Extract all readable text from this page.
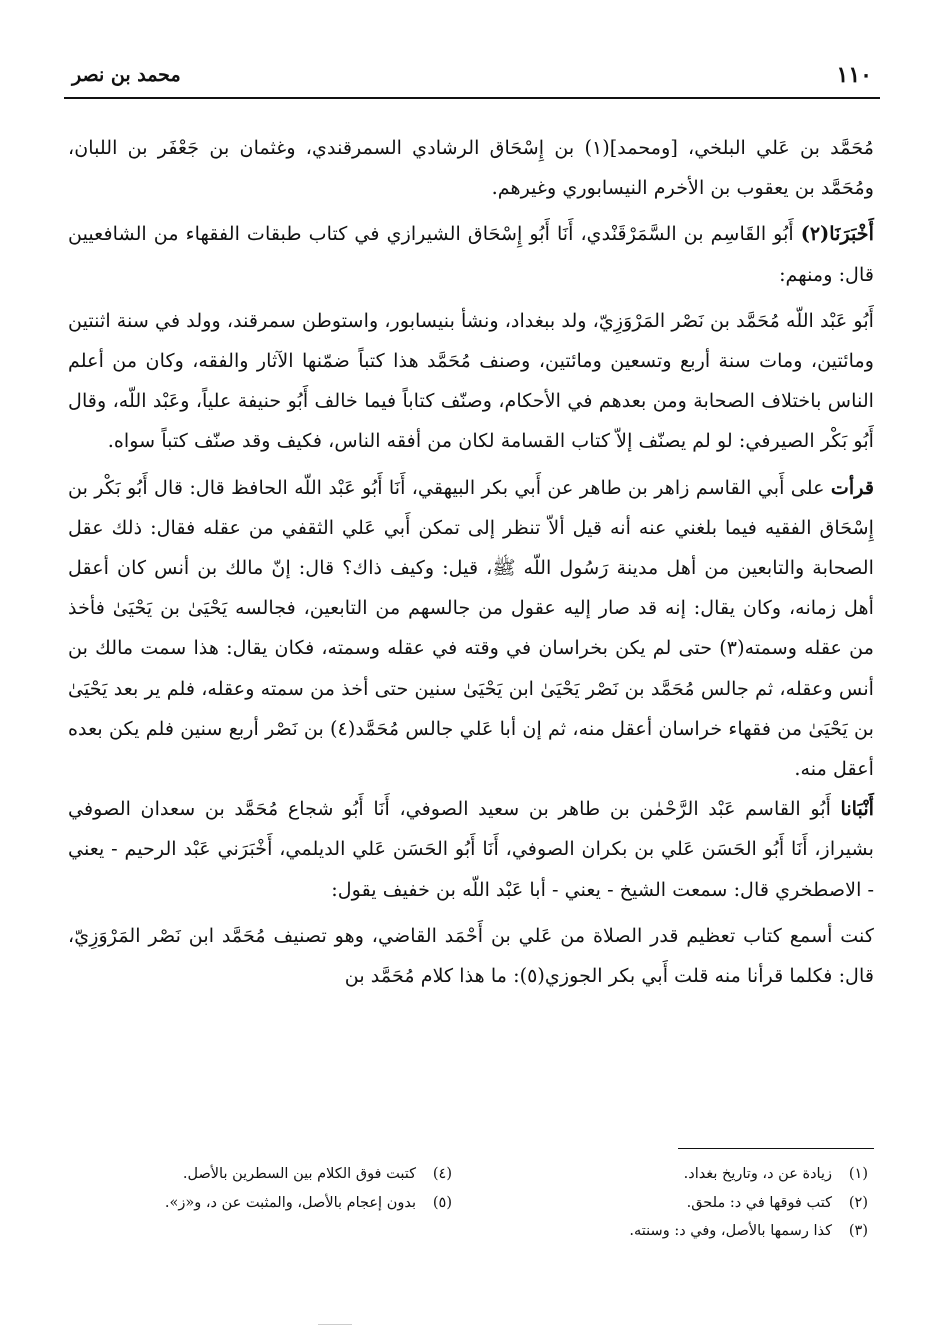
١١٠
محمد بن نصر

مُحَمَّد بن عَلي البلخي، [ومحمد](١) بن إِسْحَاق الرشادي السمرقندي، وغثمان بن جَعْفَر بن اللبان، ومُحَمَّد بن يعقوب بن الأخرم النيسابوري وغيرهم.

أَخْبَرَنَا(٢) أَبُو القَاسِم بن السَّمَرْقَنْدي، أَنَا أَبُو إِسْحَاق الشيرازي في كتاب طبقات الفقهاء من الشافعيين قال: ومنهم:

أَبُو عَبْد اللّه مُحَمَّد بن نَصْر المَرْوَزِيّ، ولد ببغداد، ونشأ بنيسابور، واستوطن سمرقند، وولد في سنة اثنتين ومائتين، ومات سنة أربع وتسعين ومائتين، وصنف مُحَمَّد هذا كتباً ضمّنها الآثار والفقه، وكان من أعلم الناس باختلاف الصحابة ومن بعدهم في الأحكام، وصنّف كتاباً فيما خالف أَبُو حنيفة علياً، وعَبْد اللّه، وقال أَبُو بَكْر الصيرفي: لو لم يصنّف إلاّ كتاب القسامة لكان من أفقه الناس، فكيف وقد صنّف كتباً سواه.

قرأت على أَبي القاسم زاهر بن طاهر عن أَبي بكر البيهقي، أَنَا أَبُو عَبْد اللّه الحافظ قال: قال أَبُو بَكْر بن إِسْحَاق الفقيه فيما بلغني عنه أنه قيل ألاّ تنظر إلى تمكن أَبي عَلي الثقفي من عقله فقال: ذلك عقل الصحابة والتابعين من أهل مدينة رَسُول اللّه ﷺ، قيل: وكيف ذاك؟ قال: إنّ مالك بن أنس كان أعقل أهل زمانه، وكان يقال: إنه قد صار إليه عقول من جالسهم من التابعين، فجالسه يَحْيَىٰ بن يَحْيَىٰ فأخذ من عقله وسمته(٣) حتى لم يكن بخراسان في وقته في عقله وسمته، فكان يقال: هذا سمت مالك بن أنس وعقله، ثم جالس مُحَمَّد بن نَصْر يَحْيَىٰ ابن يَحْيَىٰ سنين حتى أخذ من سمته وعقله، فلم ير بعد يَحْيَىٰ بن يَحْيَىٰ من فقهاء خراسان أعقل منه، ثم إن أبا عَلي جالس مُحَمَّد(٤) بن نَصْر أربع سنين فلم يكن بعده أعقل منه.

أَنْبَانا أَبُو القاسم عَبْد الرَّحْمٰن بن طاهر بن سعيد الصوفي، أَنَا أَبُو شجاع مُحَمَّد بن سعدان الصوفي بشيراز، أَنَا أَبُو الحَسَن عَلي بن بكران الصوفي، أَنَا أَبُو الحَسَن عَلي الديلمي، أَخْبَرَني عَبْد الرحيم - يعني - الاصطخري قال: سمعت الشيخ - يعني - أبا عَبْد اللّه بن خفيف يقول:

كنت أسمع كتاب تعظيم قدر الصلاة من عَلي بن أَحْمَد القاضي، وهو تصنيف مُحَمَّد ابن نَصْر المَرْوَزِيّ، قال: فكلما قرأنا منه قلت أَبي بكر الجوزي(٥): ما هذا كلام مُحَمَّد بن

(١)زيادة عن د، وتاريخ بغداد.
(٢)كتب فوقها في د: ملحق.
(٣)كذا رسمها بالأصل، وفي د: وسنته.
(٤)كتبت فوق الكلام بين السطرين بالأصل.
(٥)بدون إعجام بالأصل، والمثبت عن د، و«ز».
